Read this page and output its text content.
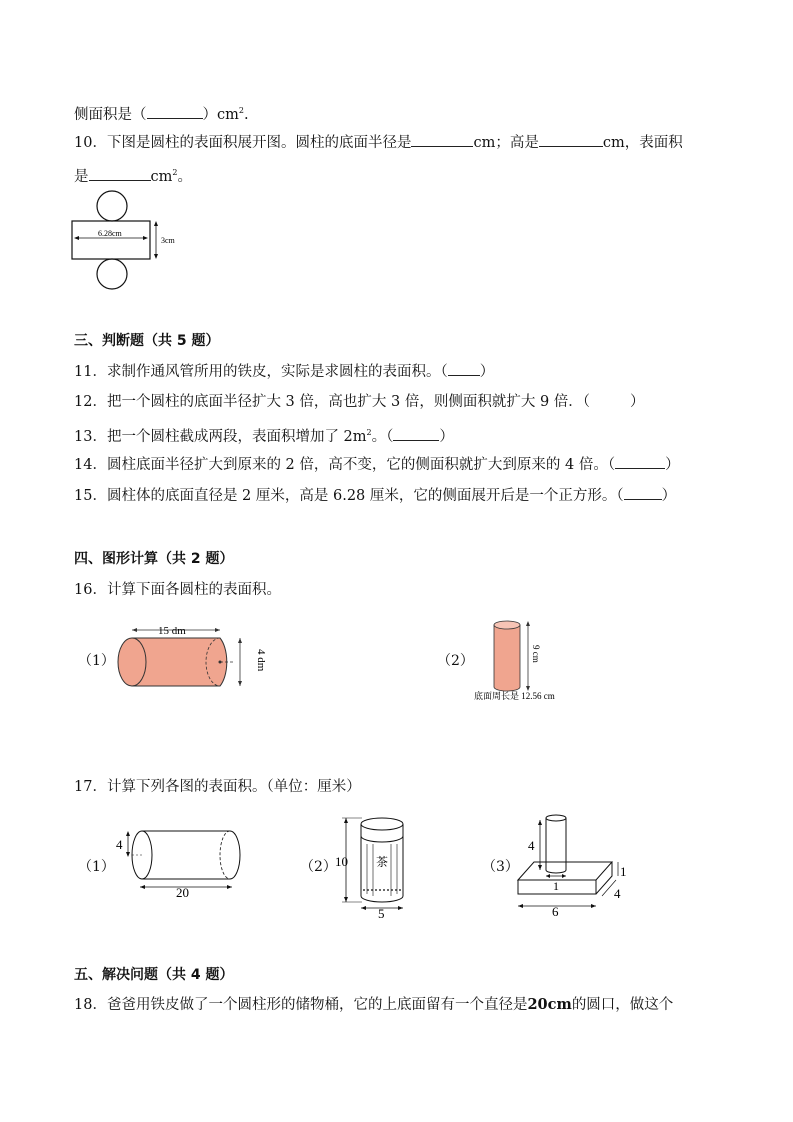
侧面积是（	）$cm^2$.
10．下图是圆柱的表面积展开图。圆柱的底面半径是	cm；高是	cm，表面积
是	$cm^2$。
6.28cm
3cm
三、判断题（共 5 题）
11．求制作通风管所用的铁皮，实际是求圆柱的表面积。（ ）
12．把一个圆柱的底面半径扩大 3 倍，高也扩大 3 倍，则侧面积就扩大 9 倍．（	）
13．把一个圆柱截成两段，表面积增加了 $2m^2$。（	）
14．圆柱底面半径扩大到原来的 2 倍，高不变，它的侧面积就扩大到原来的 4 倍。（	）
15．圆柱体的底面直径是 2 厘米，高是 6.28 厘米，它的侧面展开后是一个正方形。（	）
四、图形计算（共 2 题）
16．计算下面各圆柱的表面积。
（1）
15 dm
4 dm	（2）	9 cm
底面周长是 12.56 cm
17．计算下列各图的表面积。（单位：厘米）
（1）
4
20
（2）	茶
10
5
（3）
4
1
1
4
6
五、解决问题（共 4 题）
18．爸爸用铁皮做了一个圆柱形的储物桶，它的上底面留有一个直径是20cm的圆口，做这个
